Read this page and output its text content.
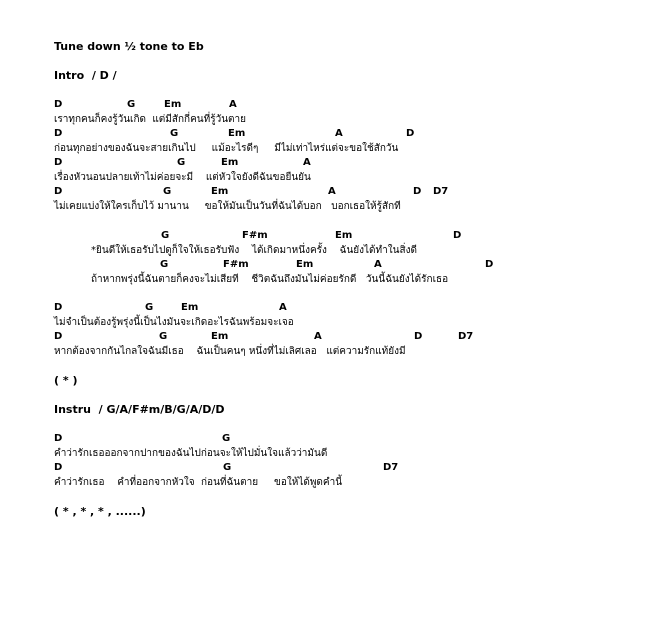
Tune down ½ tone to Eb
Intro  / D /
D	G	Em	A
เราทุกคนก็คงรู้วันเกิด  แต่มีสักกี่คนที่รู้วันตาย
D	G	Em	A	D
ก่อนทุกอย่างของฉันจะสายเกินไป     แม้อะไรดีๆ     มีไม่เท่าไหร่แต่จะขอใช้สักวัน
D	G	Em	A
เรื่องหัวนอนปลายเท้าไม่ค่อยจะมี    แต่หัวใจยังดีฉันขอยืนยัน
D	G	Em	A	D D7
ไม่เคยแบ่งให้ใครเก็บไว้ มานาน     ขอให้มันเป็นวันที่ฉันได้บอก   บอกเธอให้รู้สักที
G	F#m	Em	D
*ยินดีให้เธอรับไปดูก็ใจให้เธอรับฟัง    ได้เกิดมาหนึ่งครั้ง    ฉันยังได้ทำในสิ่งดี
G	F#m	Em	A	D
ถ้าหากพรุ่งนี้ฉันตายก็คงจะไม่เสียที    ชีวิตฉันถึงมันไม่ค่อยรักดี   วันนี้ฉันยังได้รักเธอ
D	G	Em	A
ไม่จำเป็นต้องรู้พรุ่งนี้เป็นไงมันจะเกิดอะไรฉันพร้อมจะเจอ
D	G	Em	A	D	D7
หากต้องจากกันไกลใจฉันมีเธอ    ฉันเป็นคนๆ หนึ่งที่ไม่เลิศเลอ   แต่ความรักแท้ยังมี
( * )
Instru  / G/A/F#m/B/G/A/D/D
D	G
คำว่ารักเธอออกจากปากของฉันไปก่อนจะให้ไปมั่นใจแล้วว่ามันดี
D	G	D7
คำว่ารักเธอ    คำที่ออกจากหัวใจ  ก่อนที่ฉันตาย     ขอให้ได้พูดคำนี้
( * , * , * , ......)
